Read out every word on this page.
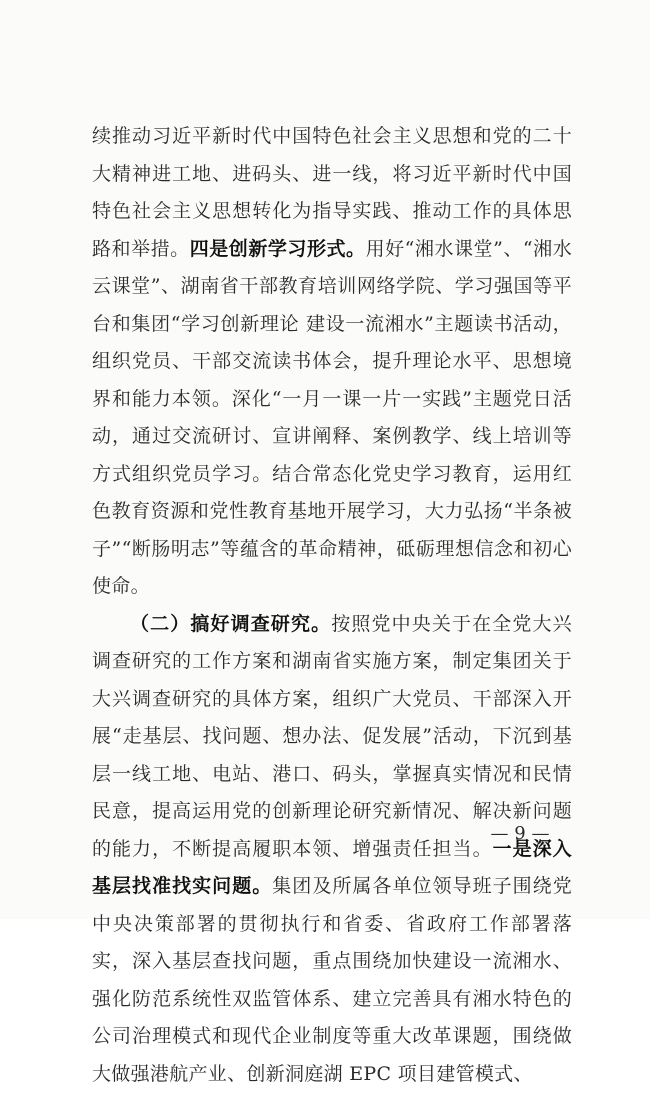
续推动习近平新时代中国特色社会主义思想和党的二十大精神进工地、进码头、进一线，将习近平新时代中国特色社会主义思想转化为指导实践、推动工作的具体思路和举措。四是创新学习形式。用好“湘水课堂”、“湘水云课堂”、湖南省干部教育培训网络学院、学习强国等平台和集团“学习创新理论 建设一流湘水”主题读书活动，组织党员、干部交流读书体会，提升理论水平、思想境界和能力本领。深化“一月一课一片一实践”主题党日活动，通过交流研讨、宣讲阐释、案例教学、线上培训等方式组织党员学习。结合常态化党史学习教育，运用红色教育资源和党性教育基地开展学习，大力弘扬“半条被子”“断肠明志”等蕴含的革命精神，砥砺理想信念和初心使命。

（二）搞好调查研究。按照党中央关于在全党大兴调查研究的工作方案和湖南省实施方案，制定集团关于大兴调查研究的具体方案，组织广大党员、干部深入开展“走基层、找问题、想办法、促发展”活动，下沉到基层一线工地、电站、港口、码头，掌握真实情况和民情民意，提高运用党的创新理论研究新情况、解决新问题的能力，不断提高履职本领、增强责任担当。一是深入基层找准找实问题。集团及所属各单位领导班子围绕党中央决策部署的贯彻执行和省委、省政府工作部署落实，深入基层查找问题，重点围绕加快建设一流湘水、强化防范系统性双监管体系、建立完善具有湘水特色的公司治理模式和现代企业制度等重大改革课题，围绕做大做强港航产业、创新洞庭湖 EPC 项目建管模式、

— 9 —
